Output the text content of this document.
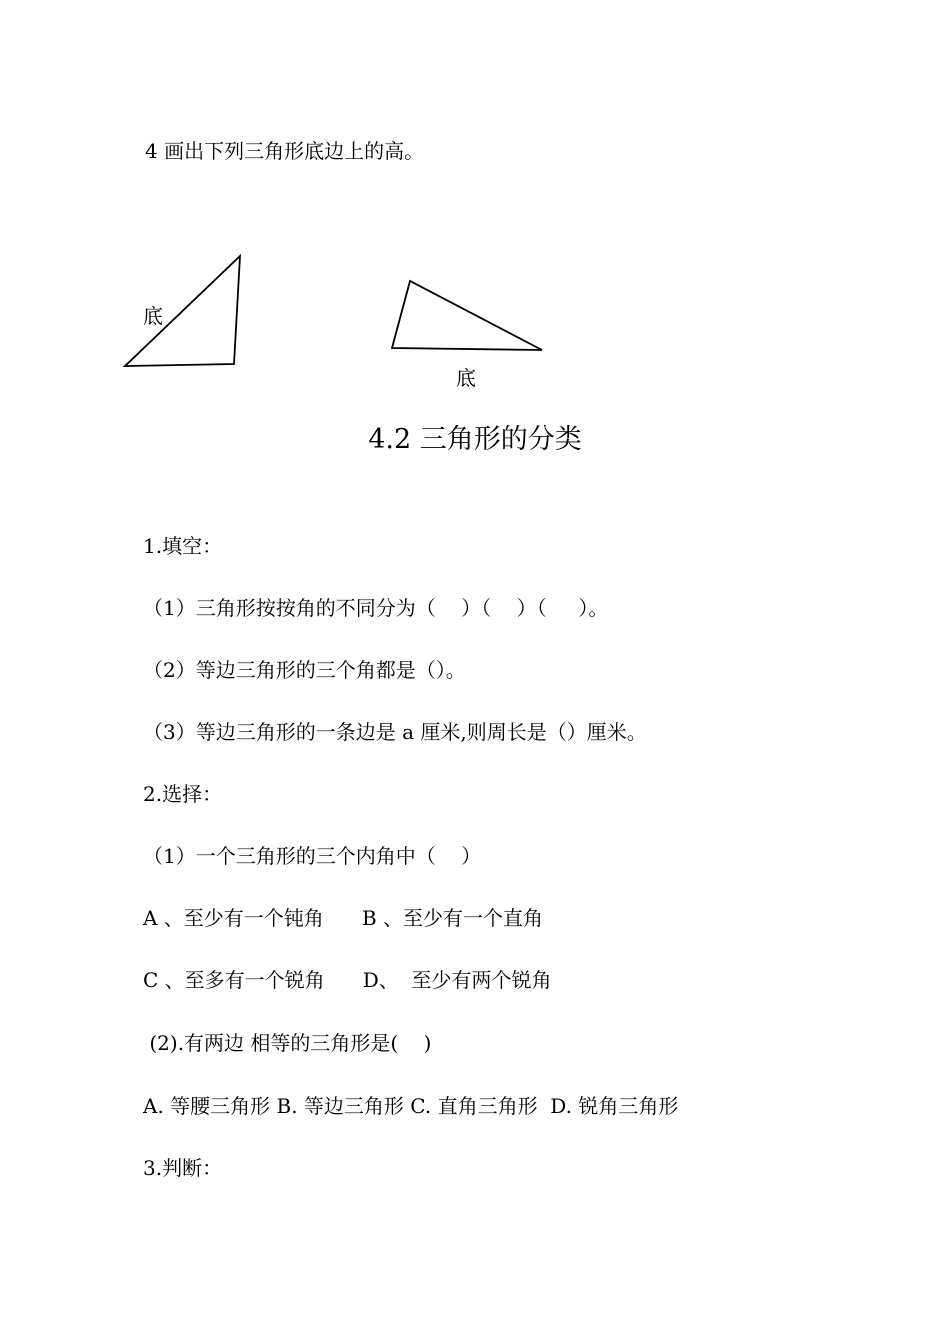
4 画出下列三角形底边上的高。
底
底
4.2 三角形的分类
1.填空：
（1）三角形按按角的不同分为（    ）（    ）（     ）。
（2）等边三角形的三个角都是（）。
（3）等边三角形的一条边是 a 厘米,则周长是（）厘米。
2.选择：
（1）一个三角形的三个内角中（    ）
A 、至少有一个钝角      B 、至少有一个直角
C 、至多有一个锐角      D、  至少有两个锐角
(2).有两边 相等的三角形是(    )
A. 等腰三角形 B. 等边三角形 C. 直角三角形  D. 锐角三角形
3.判断：
